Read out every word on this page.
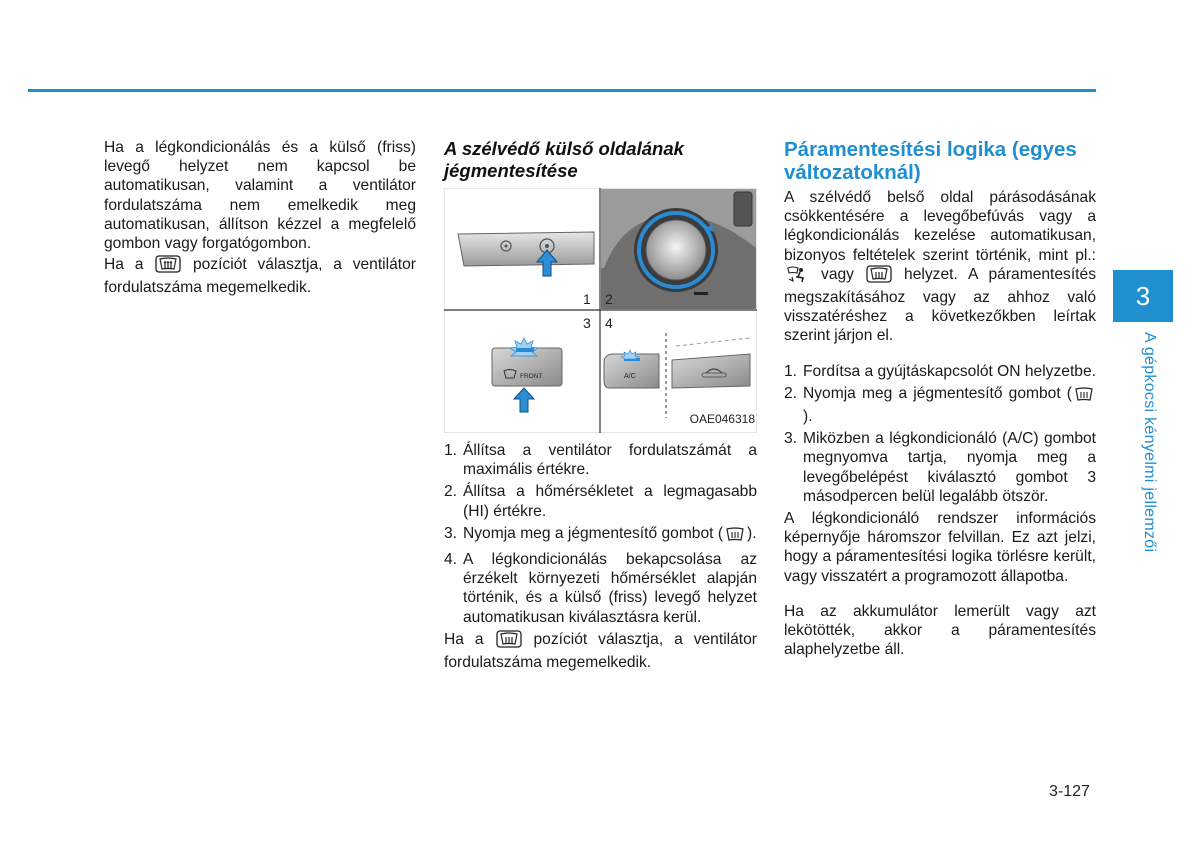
Ha a légkondicionálás és a külső (friss) levegő helyzet nem kapcsol be automatikusan, valamint a ventilátor fordulatszáma nem emelkedik meg automatikusan, állítson kézzel a megfelelő gombon vagy forgatógombon.

Ha a	pozíciót választja, a ventilátor fordulatszáma megemelkedik.

A szélvédő külső oldalának jégmentesítése
1 2
3 4
FRONT	A/C
OAE046318
1. Állítsa a ventilátor fordulatszámát a maximális értékre.
2. Állítsa a hőmérsékletet a legmagasabb (HI) értékre.
3. Nyomja meg a jégmentesítő gombot ( ).
4. A légkondicionálás bekapcsolása az érzékelt környezeti hőmérséklet alapján történik, és a külső (friss) levegő helyzet automatikusan kiválasztásra kerül.

Ha a	pozíciót választja, a ventilátor fordulatszáma megemelkedik.

Páramentesítési logika (egyes változatoknál)

A szélvédő belső oldal párásodásának csökkentésére a levegőbefúvás vagy a légkondicionálás kezelése automatikusan, bizonyos feltételek szerint történik, mint pl.:  vagy	helyzet. A páramentesítés megszakításához vagy az ahhoz való visszatéréshez a következőkben leírtak szerint járjon el.

1. Fordítsa a gyújtáskapcsolót ON helyzetbe.
2. Nyomja meg a jégmentesítő gombot ().
3. Miközben a légkondicionáló (A/C) gombot megnyomva tartja, nyomja meg a levegőbelépést kiválasztó gombot 3 másodpercen belül legalább ötször.

A légkondicionáló rendszer információs képernyője háromszor felvillan. Ez azt jelzi, hogy a páramentesítési logika törlésre került, vagy visszatért a programozott állapotba.

Ha az akkumulátor lemerült vagy azt lekötötték, akkor a páramentesítés alaphelyzetbe áll.

3
A gépkocsi kényelmi jellemzői
3-127
